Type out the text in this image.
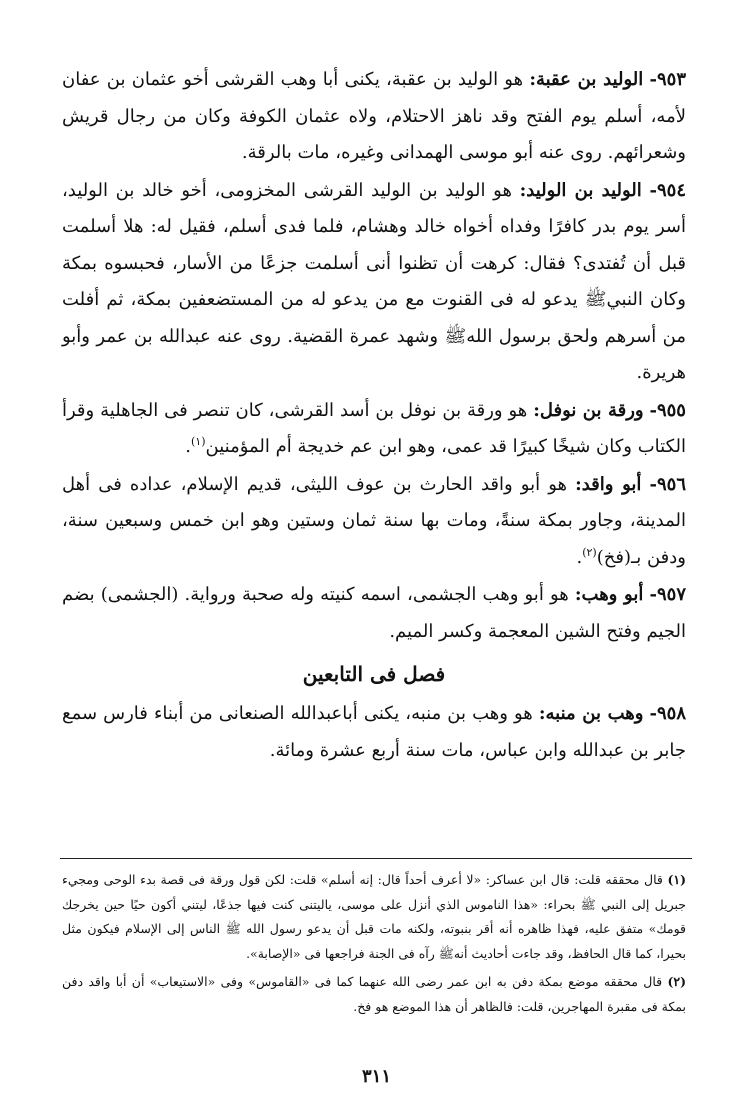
٩٥٣- الوليد بن عقبة: هو الوليد بن عقبة، يكنى أبا وهب القرشى أخو عثمان بن عفان لأمه، أسلم يوم الفتح وقد ناهز الاحتلام، ولاه عثمان الكوفة وكان من رجال قريش وشعرائهم. روى عنه أبو موسى الهمدانى وغيره، مات بالرقة.

٩٥٤- الوليد بن الوليد: هو الوليد بن الوليد القرشى المخزومى، أخو خالد بن الوليد، أسر يوم بدر كافرًا وفداه أخواه خالد وهشام، فلما فدى أسلم، فقيل له: هلا أسلمت قبل أن تُفتدى؟ فقال: كرهت أن تظنوا أنى أسلمت جزعًا من الأسار، فحبسوه بمكة وكان النبيﷺ يدعو له فى القنوت مع من يدعو له من المستضعفين بمكة، ثم أفلت من أسرهم ولحق برسول اللهﷺ وشهد عمرة القضية. روى عنه عبدالله بن عمر وأبو هريرة.

٩٥٥- ورقة بن نوفل: هو ورقة بن نوفل بن أسد القرشى، كان تنصر فى الجاهلية وقرأ الكتاب وكان شيخًا كبيرًا قد عمى، وهو ابن عم خديجة أم المؤمنين$^{(١)}$.

٩٥٦- أبو واقد: هو أبو واقد الحارث بن عوف الليثى، قديم الإسلام، عداده فى أهل المدينة، وجاور بمكة سنةً، ومات بها سنة ثمان وستين وهو ابن خمس وسبعين سنة، ودفن بـ(فخ)$^{(٢)}$.

٩٥٧- أبو وهب: هو أبو وهب الجشمى، اسمه كنيته وله صحبة ورواية. (الجشمى) بضم الجيم وفتح الشين المعجمة وكسر الميم.

فصل فى التابعين

٩٥٨- وهب بن منبه: هو وهب بن منبه، يكنى أباعبدالله الصنعانى من أبناء فارس سمع جابر بن عبدالله وابن عباس، مات سنة أربع عشرة ومائة.

(١) قال محققه قلت: قال ابن عساكر: «لا أعرف أحداً قال: إنه أسلم» قلت: لكن قول ورقة فى قصة بدء الوحى ومجيء جبريل إلى النبي ﷺ بحراء: «هذا الناموس الذي أنزل على موسى، ياليتنى كنت فيها جذعًا، ليتني أكون حيًا حين يخرجك قومك» متفق عليه، فهذا ظاهره أنه أقر بنبوته، ولكنه مات قبل أن يدعو رسول الله ﷺ الناس إلى الإسلام فيكون مثل بحيرا، كما قال الحافظ، وقد جاءت أحاديث أنهﷺ رآه فى الجنة فراجعها فى «الإصابة».

(٢) قال محققه موضع بمكة دفن به ابن عمر رضى الله عنهما كما فى «القاموس» وفى «الاستيعاب» أن أبا واقد دفن بمكة فى مقبرة المهاجرين، قلت: فالظاهر أن هذا الموضع هو فخ.

٣١١
